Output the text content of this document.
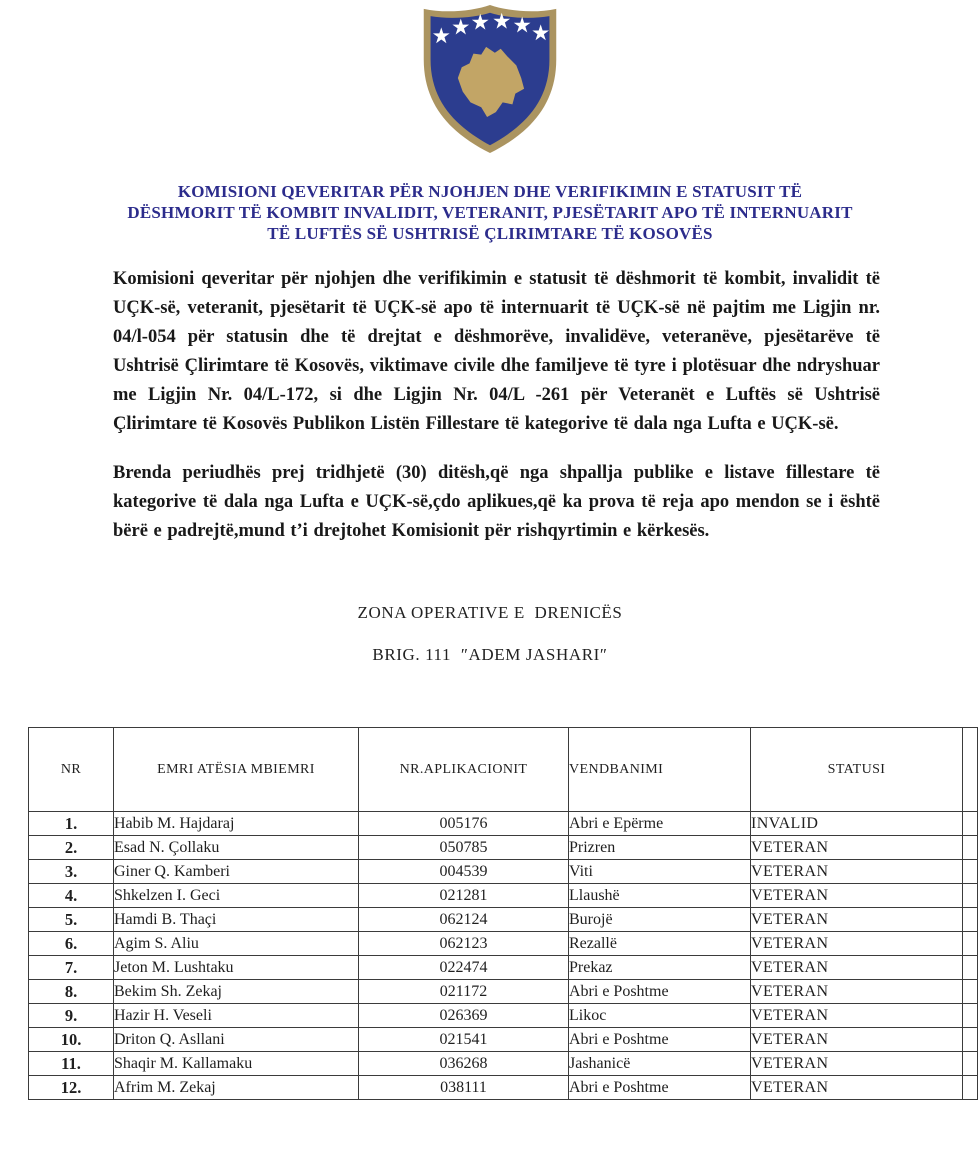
KOMISIONI QEVERITAR PËR NJOHJEN DHE VERIFIKIMIN E STATUSIT TË
DËSHMORIT TË KOMBIT INVALIDIT, VETERANIT, PJESËTARIT APO TË INTERNUARIT
TË LUFTËS SË USHTRISË ÇLIRIMTARE TË KOSOVËS

Komisioni qeveritar për njohjen dhe verifikimin e statusit të dëshmorit të kombit, invalidit të UÇK-së, veteranit, pjesëtarit të UÇK-së apo të internuarit të UÇK-së në pajtim me Ligjin nr. 04/l-054 për statusin dhe të drejtat e dëshmorëve, invalidëve, veteranëve, pjesëtarëve të Ushtrisë Çlirimtare të Kosovës, viktimave civile dhe familjeve të tyre i plotësuar dhe ndryshuar me Ligjin Nr. 04/L-172, si dhe Ligjin Nr. 04/L -261 për Veteranët e Luftës së Ushtrisë Çlirimtare të Kosovës Publikon Listën Fillestare të kategorive të dala nga Lufta e UÇK-së.

Brenda periudhës prej tridhjetë (30) ditësh,që nga shpallja publike e listave fillestare të kategorive të dala nga Lufta e UÇK-së,çdo aplikues,që ka prova të reja apo mendon se i është bërë e padrejtë,mund t’i drejtohet Komisionit për rishqyrtimin e kërkesës.

ZONA OPERATIVE E  DRENICËS
BRIG. 111  ″ADEM JASHARI″
NR	EMRI ATËSIA MBIEMRI	NR.APLIKACIONIT	VENDBANIMI	STATUSI	
1.	Habib M. Hajdaraj	005176	Abri e Epërme	INVALID	
2.	Esad N. Çollaku	050785	Prizren	VETERAN	
3.	Giner Q. Kamberi	004539	Viti	VETERAN	
4.	Shkelzen I. Geci	021281	Llaushë	VETERAN	
5.	Hamdi B. Thaçi	062124	Burojë	VETERAN	
6.	Agim S. Aliu	062123	Rezallë	VETERAN	
7.	Jeton M. Lushtaku	022474	Prekaz	VETERAN	
8.	Bekim Sh. Zekaj	021172	Abri e Poshtme	VETERAN	
9.	Hazir H. Veseli	026369	Likoc	VETERAN	
10.	Driton Q. Asllani	021541	Abri e Poshtme	VETERAN	
11.	Shaqir M. Kallamaku	036268	Jashanicë	VETERAN	
12.	Afrim M. Zekaj	038111	Abri e Poshtme	VETERAN	
